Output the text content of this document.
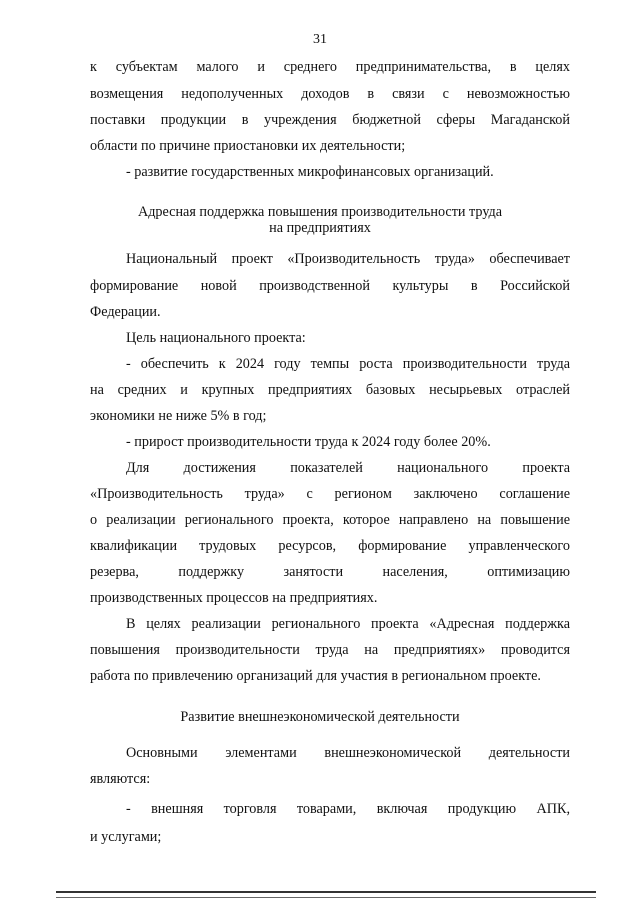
31
к субъектам малого и среднего предпринимательства, в целях
возмещения недополученных доходов в связи с невозможностью
поставки продукции в учреждения бюджетной сферы Магаданской
области по причине приостановки их деятельности;
- развитие государственных микрофинансовых организаций.
Адресная поддержка повышения производительности труда
на предприятиях
Национальный проект «Производительность труда» обеспечивает
формирование новой производственной культуры в Российской
Федерации.
Цель национального проекта:
- обеспечить к 2024 году темпы роста производительности труда
на средних и крупных предприятиях базовых несырьевых отраслей
экономики не ниже 5% в год;
- прирост производительности труда к 2024 году более 20%.
Для достижения показателей национального проекта
«Производительность труда» с регионом заключено соглашение
о реализации регионального проекта, которое направлено на повышение
квалификации трудовых ресурсов, формирование управленческого
резерва, поддержку занятости населения, оптимизацию
производственных процессов на предприятиях.
В целях реализации регионального проекта «Адресная поддержка
повышения производительности труда на предприятиях» проводится
работа по привлечению организаций для участия в региональном проекте.
Развитие внешнеэкономической деятельности
Основными элементами внешнеэкономической деятельности
являются:
- внешняя торговля товарами, включая продукцию АПК,
и услугами;
